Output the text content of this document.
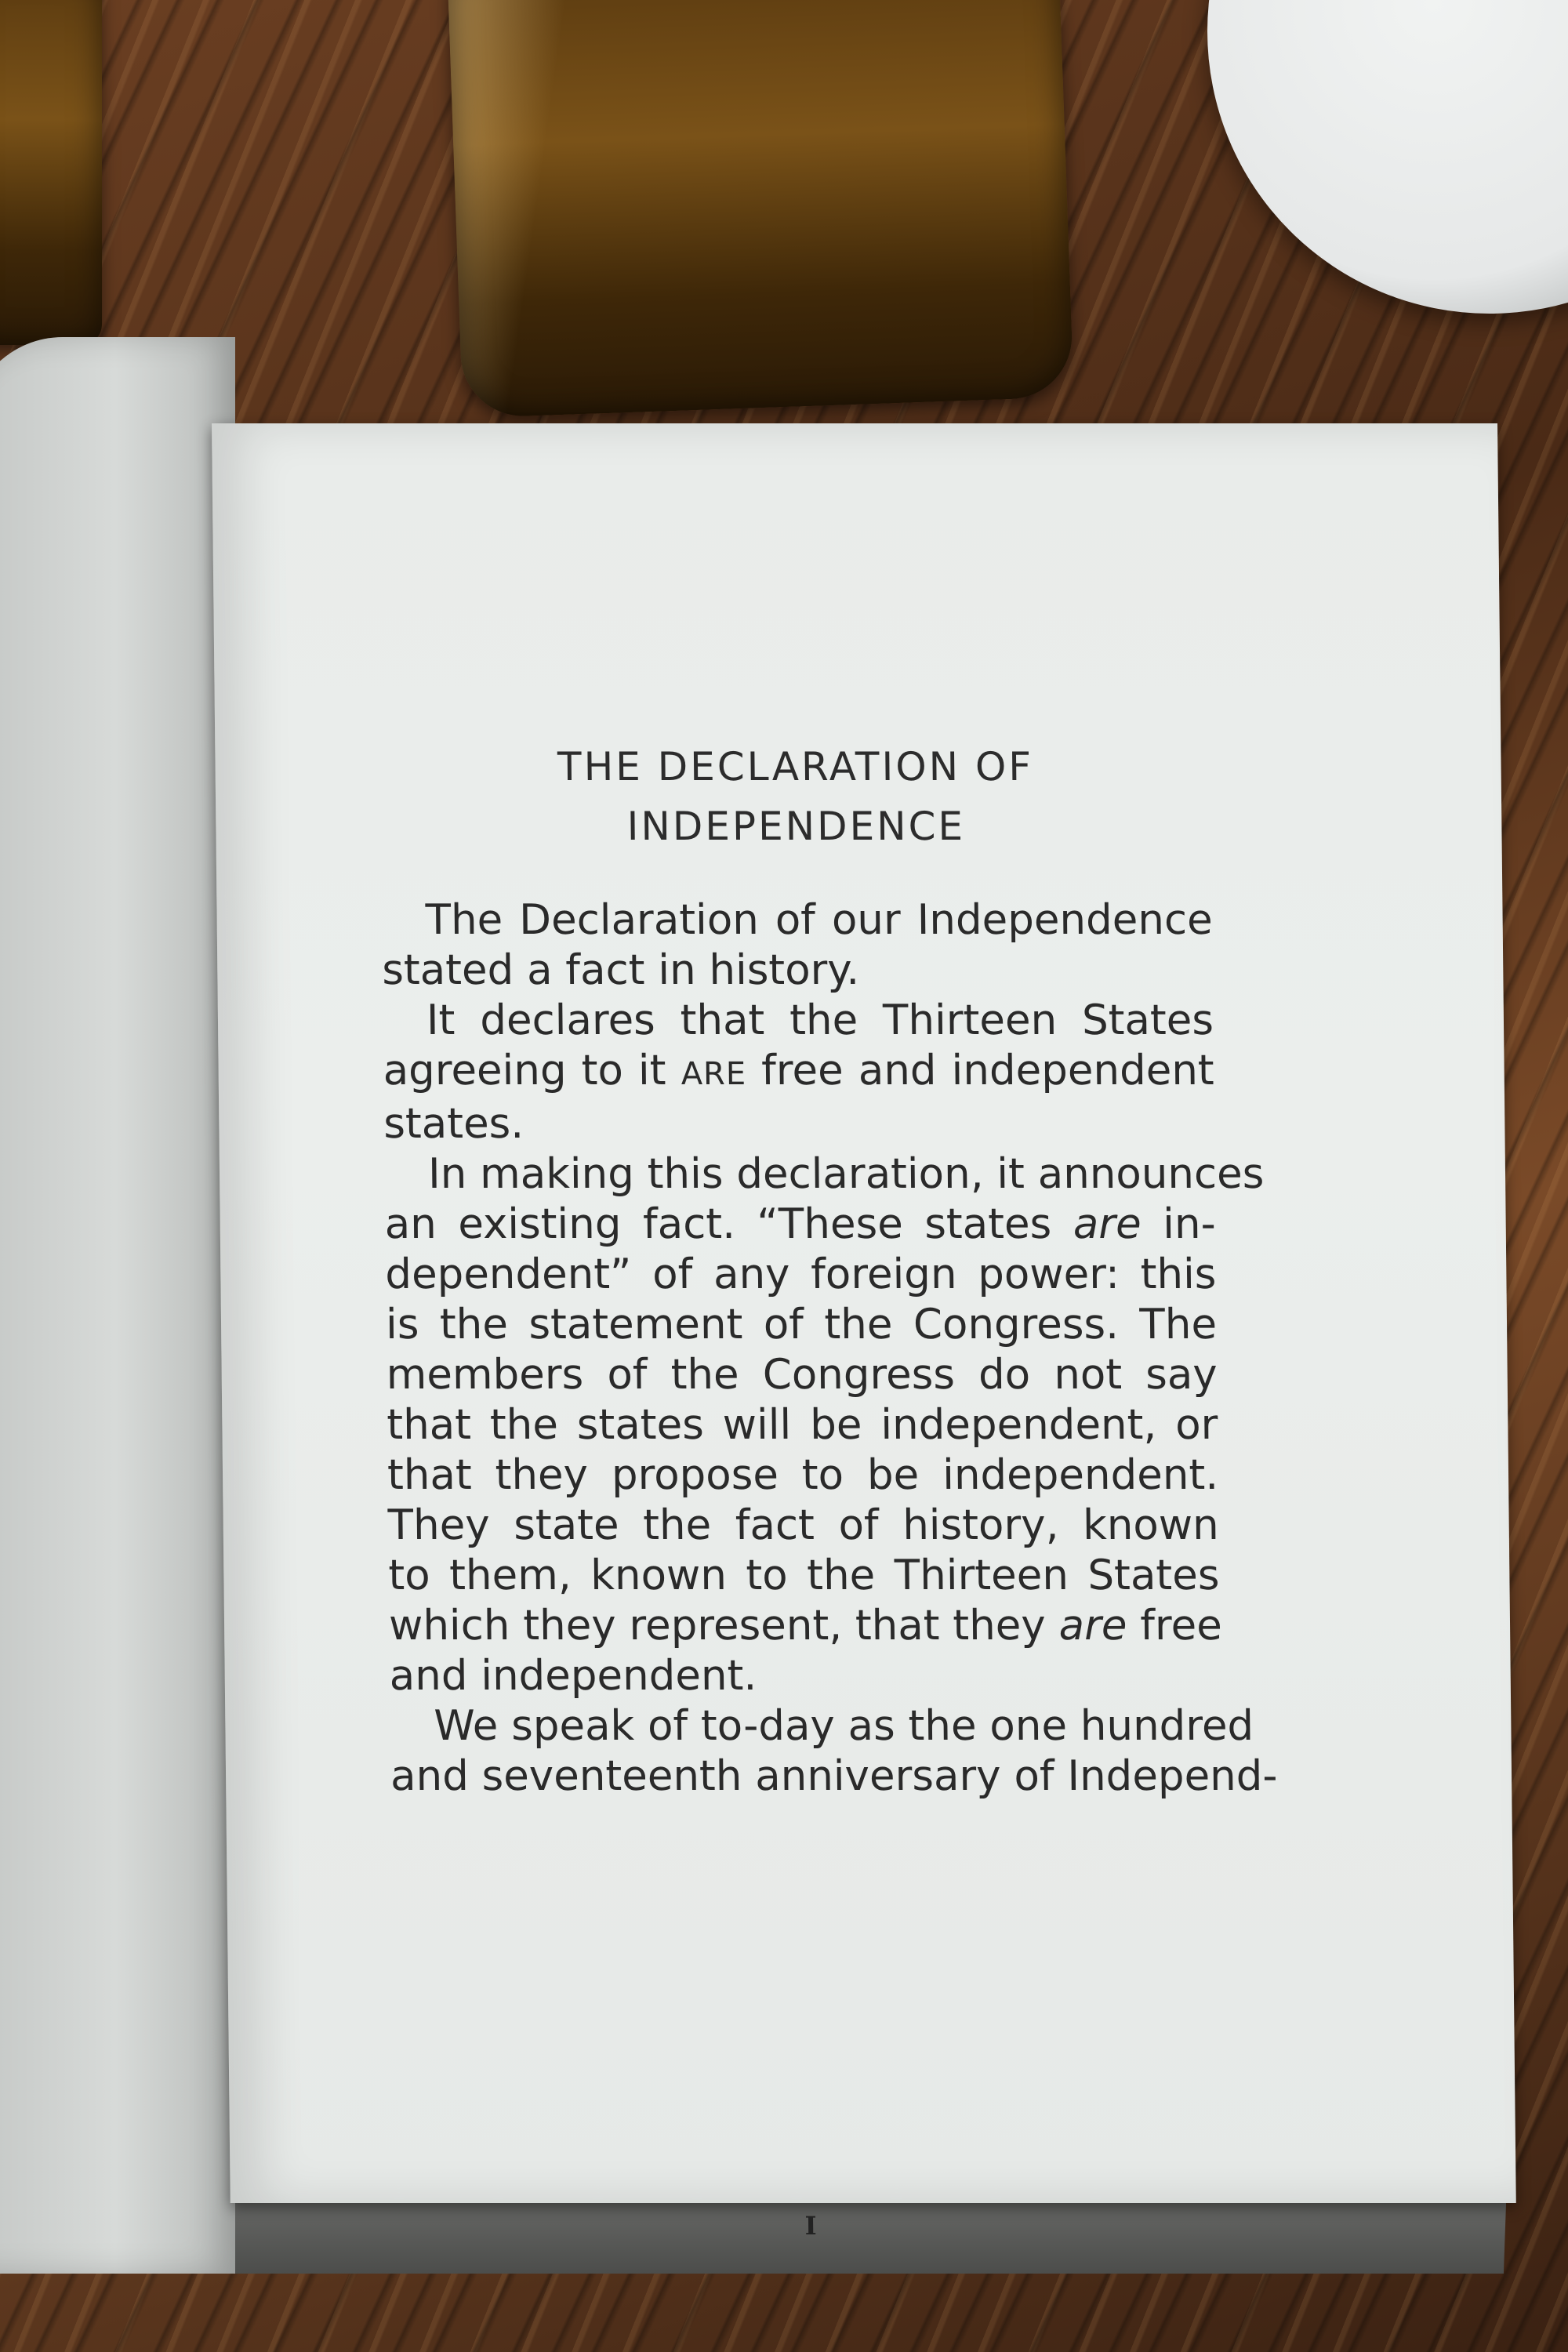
THE DECLARATION OF
INDEPENDENCE

The Declaration of our Independence
stated a fact in history.

It declares that the Thirteen States
agreeing to it ARE free and independent
states.

In making this declaration, it announces
an existing fact. “These states are in-
dependent” of any foreign power: this
is the statement of the Congress. The
members of the Congress do not say
that the states will be independent, or
that they propose to be independent.
They state the fact of history, known
to them, known to the Thirteen States
which they represent, that they are free
and independent.

We speak of to-day as the one hundred
and seventeenth anniversary of Independ-

I
